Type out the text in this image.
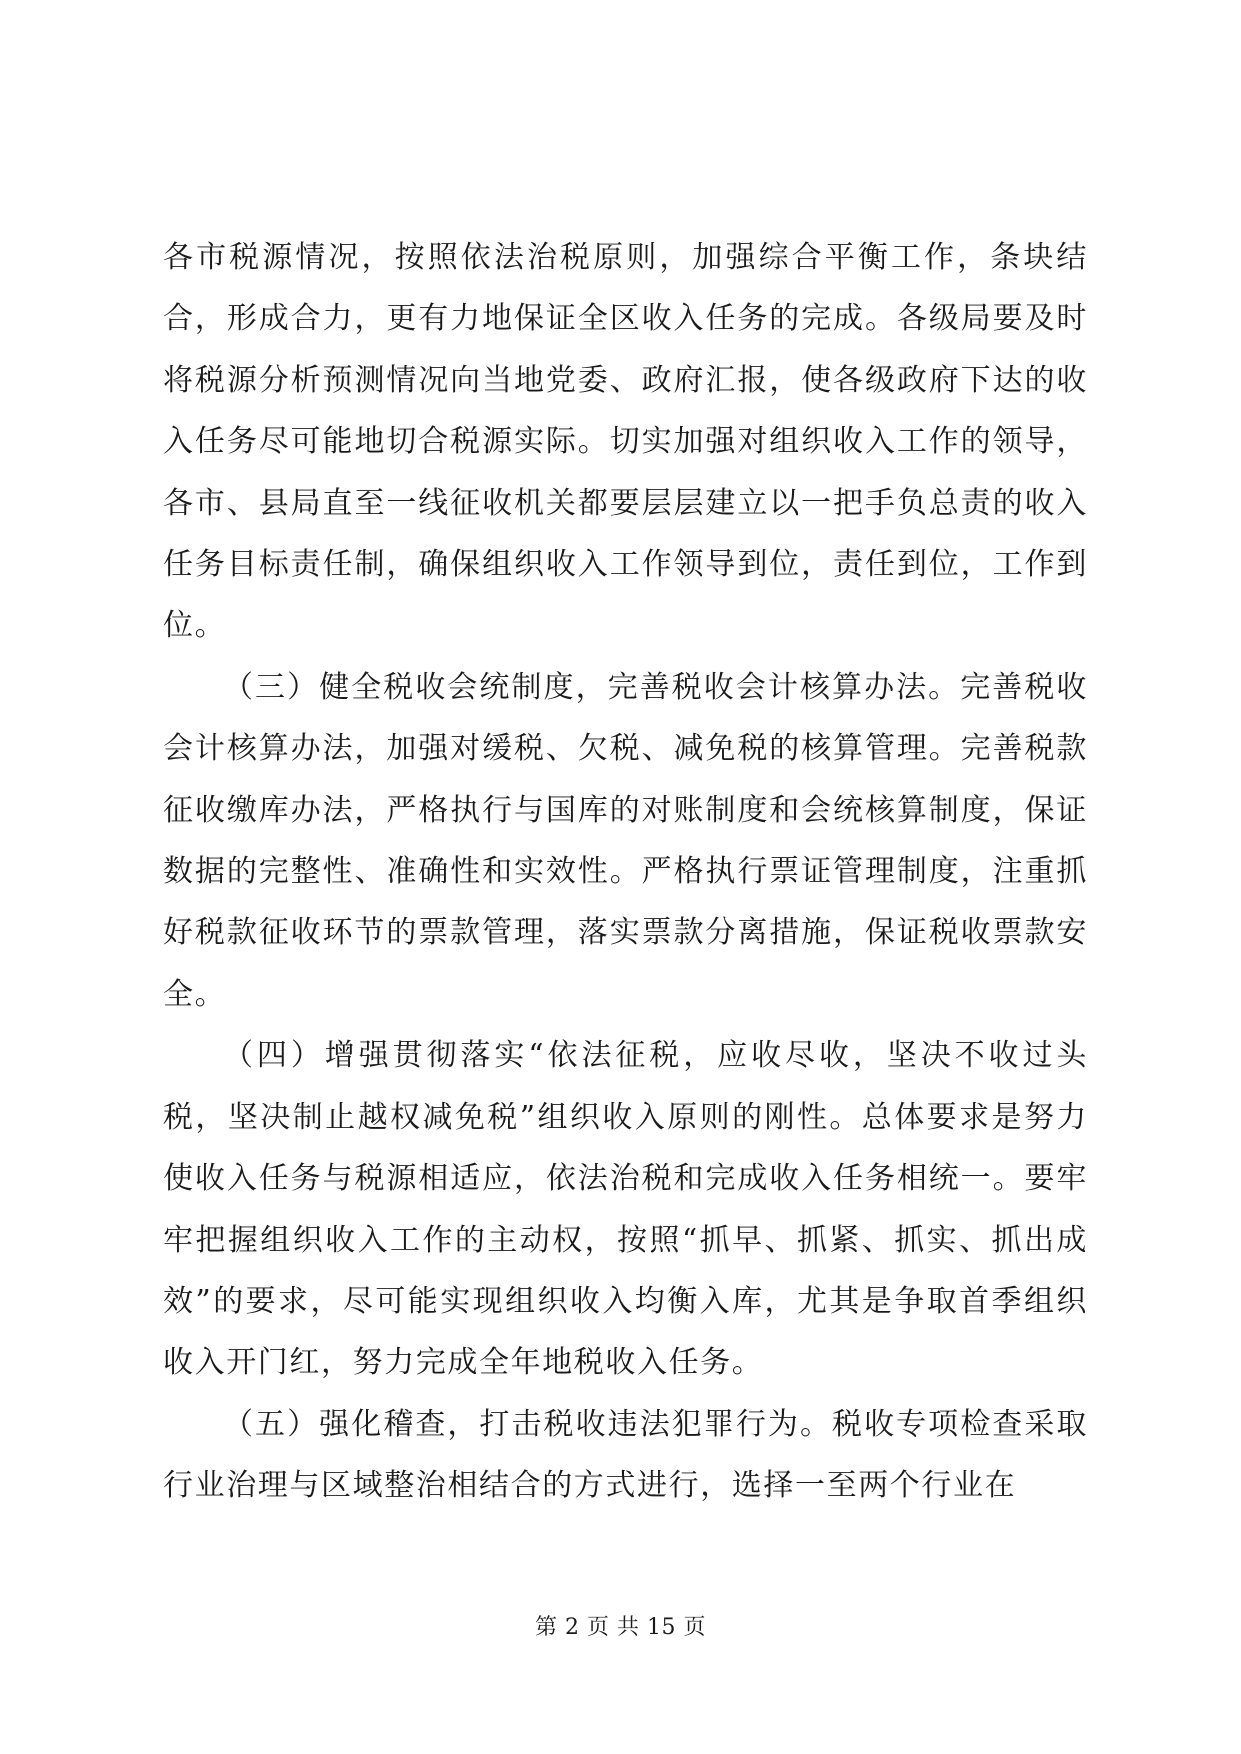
各市税源情况，按照依法治税原则，加强综合平衡工作，条块结合，形成合力，更有力地保证全区收入任务的完成。各级局要及时将税源分析预测情况向当地党委、政府汇报，使各级政府下达的收入任务尽可能地切合税源实际。切实加强对组织收入工作的领导，各市、县局直至一线征收机关都要层层建立以一把手负总责的收入任务目标责任制，确保组织收入工作领导到位，责任到位，工作到位。

（三）健全税收会统制度，完善税收会计核算办法。完善税收会计核算办法，加强对缓税、欠税、减免税的核算管理。完善税款征收缴库办法，严格执行与国库的对账制度和会统核算制度，保证数据的完整性、准确性和实效性。严格执行票证管理制度，注重抓好税款征收环节的票款管理，落实票款分离措施，保证税收票款安全。

（四）增强贯彻落实“依法征税，应收尽收，坚决不收过头税，坚决制止越权减免税”组织收入原则的刚性。总体要求是努力使收入任务与税源相适应，依法治税和完成收入任务相统一。要牢牢把握组织收入工作的主动权，按照“抓早、抓紧、抓实、抓出成效”的要求，尽可能实现组织收入均衡入库，尤其是争取首季组织收入开门红，努力完成全年地税收入任务。

（五）强化稽查，打击税收违法犯罪行为。税收专项检查采取行业治理与区域整治相结合的方式进行，选择一至两个行业在

第 2 页 共 15 页
